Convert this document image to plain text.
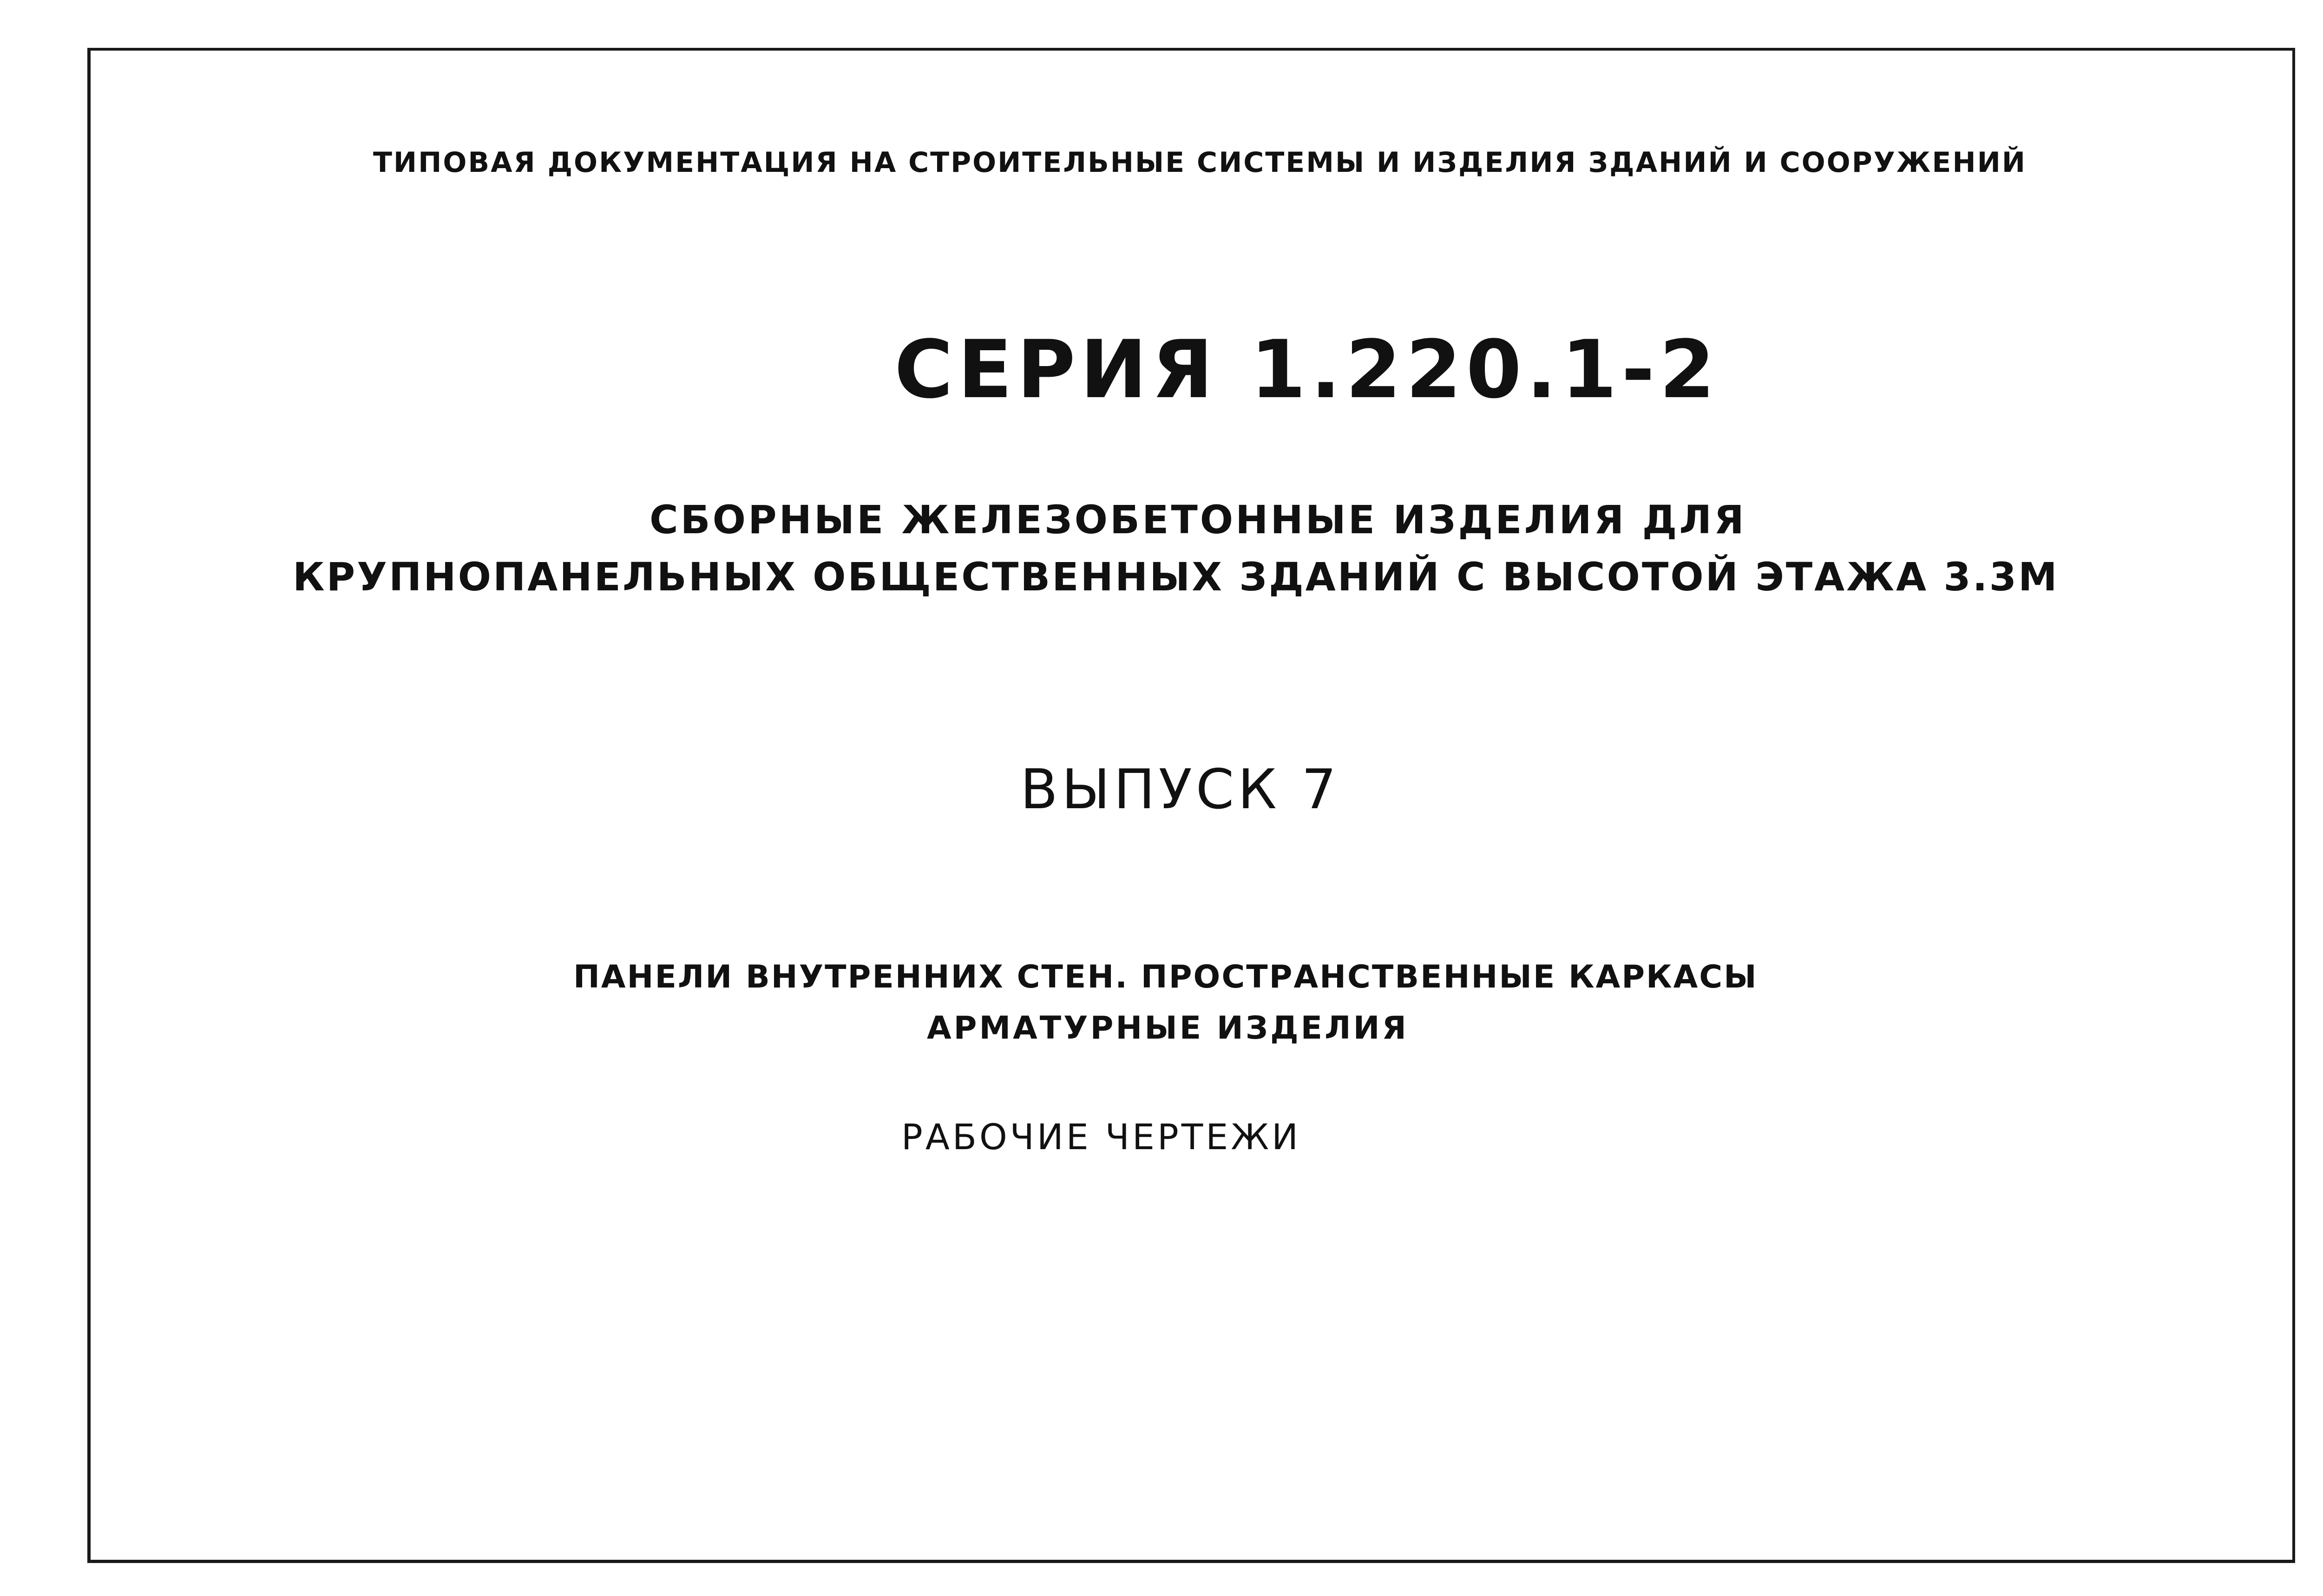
ТИПОВАЯ ДОКУМЕНТАЦИЯ НА СТРОИТЕЛЬНЫЕ СИСТЕМЫ И ИЗДЕЛИЯ ЗДАНИЙ И СООРУЖЕНИЙ
СЕРИЯ 1.220.1-2
СБОРНЫЕ ЖЕЛЕЗОБЕТОННЫЕ ИЗДЕЛИЯ ДЛЯ
КРУПНОПАНЕЛЬНЫХ ОБЩЕСТВЕННЫХ ЗДАНИЙ С ВЫСОТОЙ ЭТАЖА 3.3М
ВЫПУСК 7
ПАНЕЛИ ВНУТРЕННИХ СТЕН. ПРОСТРАНСТВЕННЫЕ КАРКАСЫ
АРМАТУРНЫЕ ИЗДЕЛИЯ
РАБОЧИЕ ЧЕРТЕЖИ
